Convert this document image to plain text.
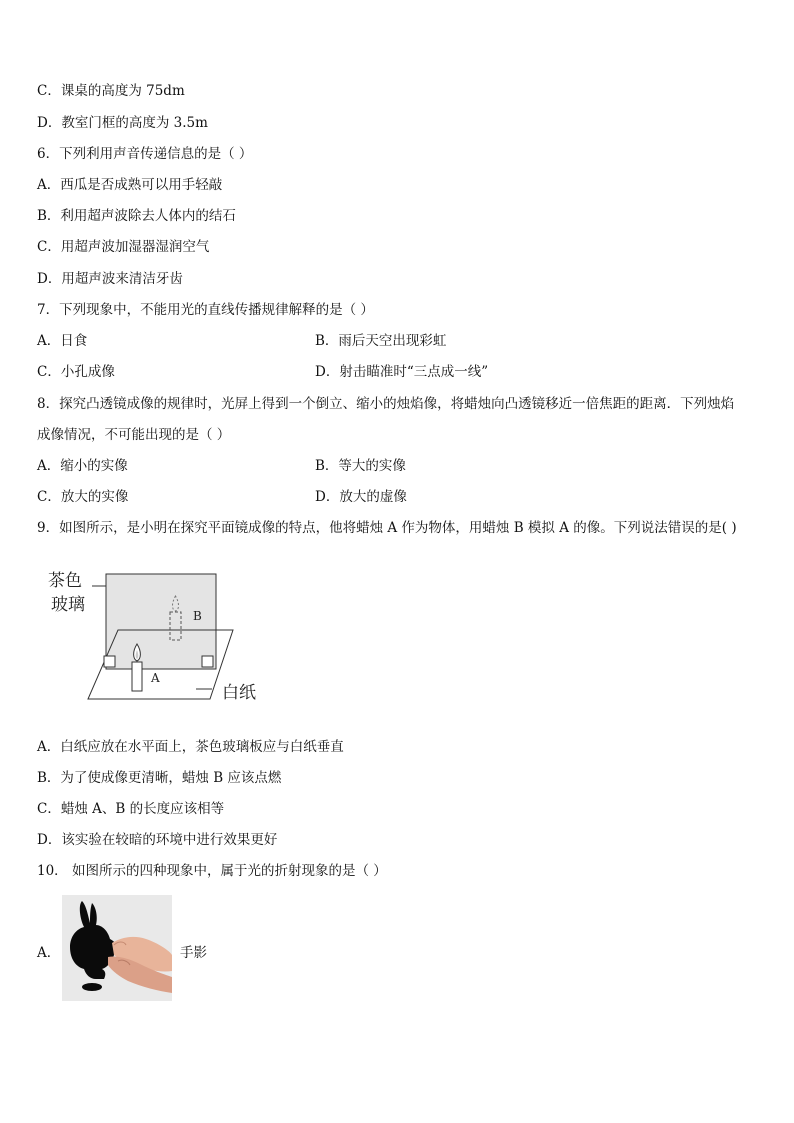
C．课桌的高度为 75dm
D．教室门框的高度为 3.5m
6．下列利用声音传递信息的是（ ）
A．西瓜是否成熟可以用手轻敲
B．利用超声波除去人体内的结石
C．用超声波加湿器湿润空气
D．用超声波来清洁牙齿
7．下列现象中，不能用光的直线传播规律解释的是（ ）
A．日食	B．雨后天空出现彩虹
C．小孔成像	D．射击瞄准时“三点成一线”
8．探究凸透镜成像的规律时，光屏上得到一个倒立、缩小的烛焰像，将蜡烛向凸透镜移近一倍焦距的距离．下列烛焰
成像情况，不可能出现的是（ ）
A．缩小的实像	B．等大的实像
C．放大的实像	D．放大的虚像
9．如图所示，是小明在探究平面镜成像的特点，他将蜡烛 A 作为物体，用蜡烛 B 模拟 A 的像。下列说法错误的是( )
B
A
茶色
玻璃
白纸
A．白纸应放在水平面上，茶色玻璃板应与白纸垂直
B．为了使成像更清晰，蜡烛 B 应该点燃
C．蜡烛 A、B 的长度应该相等
D．该实验在较暗的环境中进行效果更好
10． 如图所示的四种现象中，属于光的折射现象的是（ ）
A．	手影
